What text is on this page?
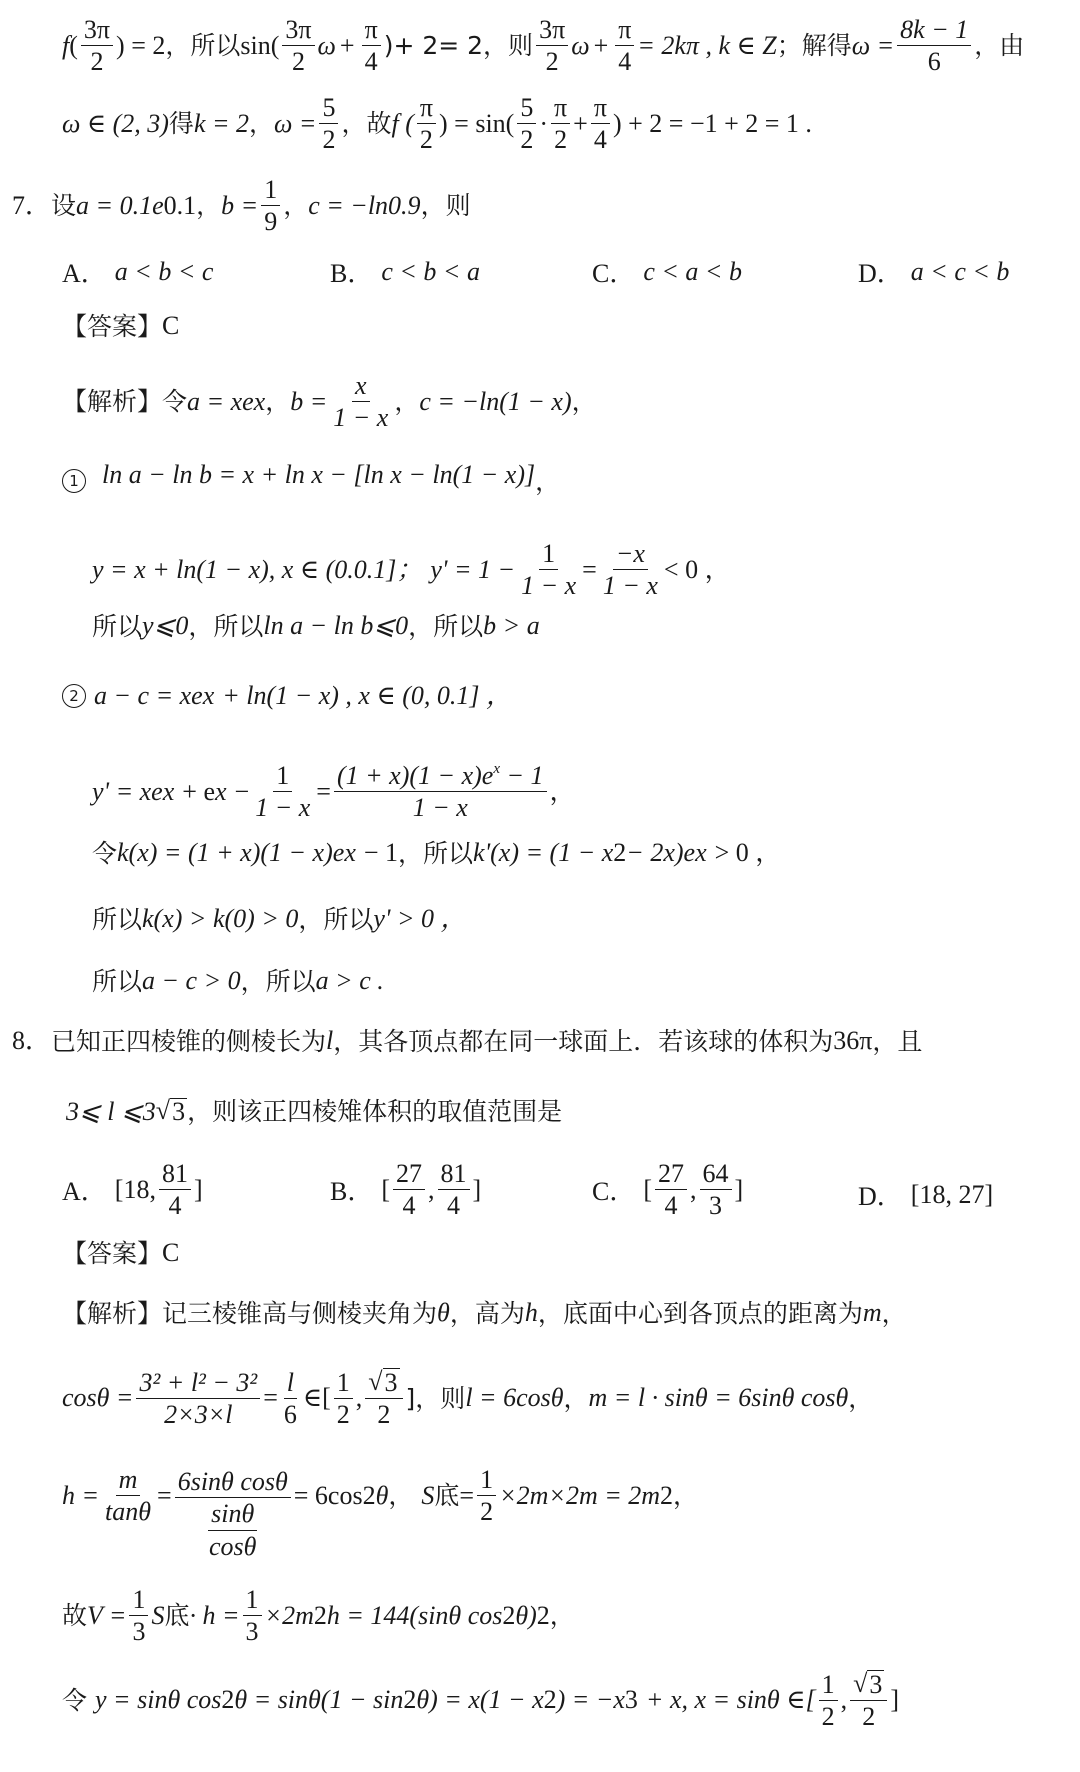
f ( $\frac{3\pi}{2}$ ) = 2 ，所以 $\sin( \frac{3\pi}{2}$ $\omega + \frac{\pi}{4}$ )+ 2= 2，则 $\frac{3\pi}{2}$ $\omega + \frac{\pi}{4} = 2k\pi$ , k ∈ Z ；解得 $\omega = \frac{8k - 1}{6}$ ，由
ω ∈ (2, 3) 得 k = 2 ， $\omega = \frac{5}{2}$ ，故 f ( $\frac{\pi}{2}$ ) = $\sin( \frac{5}{2} \cdot \frac{\pi}{2} + \frac{\pi}{4}$ ) + 2 = −1 + 2 = 1 .
7． 设 a = 0.1e 0.1 ， $b = \frac{1}{9}$ ， c = −ln0.9 ，则
A． a < b < c	B． c < b < a	C． c < a < b	D． a < c < b
【答案】 C
【解析】 令 a = xe x ， $b = \frac{x}{1 - x}$ ， c = −ln(1 − x) ，
1 ln a − ln b = x + ln x − [ln x − ln(1 − x)] ，
y = x + ln(1 − x), x ∈ (0.0.1]； $y' = 1 - \frac{1}{1 - x} = \frac{-x}{1 - x} < 0$ ，
所以 y⩽0 ，所以 ln a − ln b⩽0 ，所以 b > a
2 a − c = xe x + ln(1 − x) , x ∈ (0, 0.1] ，
y' = xe x + e $x - \frac{1}{1 - x} = \frac{(1 + x)(1 - x)e^x - 1}{1 - x}$ ，
令 k(x) = (1 + x)(1 − x)e x − 1 ，所以 k'(x) = (1 − x 2 − 2x)e x > 0 ，
所以 k(x) > k(0) > 0 ，所以 y' > 0 ，
所以 a − c > 0 ，所以 a > c .
8． 已知正四棱锥的侧棱长为 l ，其各顶点都在同一球面上．若该球的体积为 36π ，且
3⩽ l ⩽3 √ 3 ，则该正四棱雉体积的取值范围是
A． [18, $\frac{81}{4}$ ]	B． [ $\frac{27}{4}$ , $\frac{81}{4}$ ]	C． [ $\frac{27}{4}$ , $\frac{64}{3}$ ]	D． [18, 27]
【答案】 C
【解析】 记三棱锥高与侧棱夹角为 θ ，高为 h ，底面中心到各顶点的距离为 m ，
$\cos\theta = \frac{\text{3² + l² − 3²}}{2\times 3\times l} = \frac{l}{6}$ ∈[ $\frac{1}{2}$ , $\frac{√ 3}{2}$ ]，则 l = 6cosθ ， m = l · sinθ = 6sinθ cosθ ，
$h = \frac{m}{\tan\theta} = \frac{\text{6sinθ cosθ}}{\frac{\sin\theta}{\cos\theta}} = 6\cos$ 2 θ ， S 底 = $\frac{1}{2} \times 2m\times 2m = 2m$ 2 ，
故 $V = \frac{1}{3}$ S 底 · $h = \frac{1}{3} \times 2m$ 2 h = 144(sinθ cos 2 θ) 2 ，
令 y = sinθ cos 2 θ = sinθ(1 − sin 2 θ) = x(1 − x 2 ) = −x 3 + x, x = sinθ ∈[ $\frac{1}{2}$ , $\frac{√ 3}{2}$ ]
